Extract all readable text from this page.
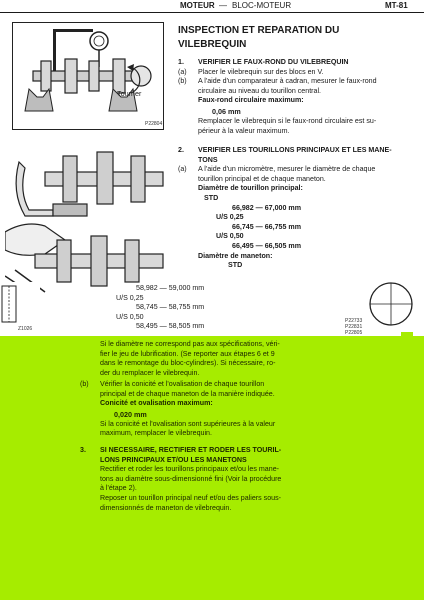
MOTEUR — BLOC-MOTEUR	MT-81
Tourner
P22804
Z1026
P22733
P22831
P22805
INSPECTION ET REPARATION DU
VILEBREQUIN
1. VERIFIER LE FAUX-ROND DU VILEBREQUIN
(a) Placer le vilebrequin sur des blocs en V.
(b) A l'aide d'un comparateur à cadran, mesurer le faux-rond
circulaire au niveau du tourillon central.
Faux-rond circulaire maximum:
0,06 mm
Remplacer le vilebrequin si le faux-rond circulaire est su-
périeur à la valeur maximum.
2. VERIFIER LES TOURILLONS PRINCIPAUX ET LES MANE-
TONS
(a) A l'aide d'un micromètre, mesurer le diamètre de chaque
tourillon principal et de chaque maneton.
Diamètre de tourillon principal:
STD
66,982 — 67,000 mm
U/S 0,25
66,745 — 66,755 mm
U/S 0,50
66,495 — 66,505 mm
Diamètre de maneton:
STD
58,982 — 59,000 mm
U/S 0,25
58,745 — 58,755 mm
U/S 0,50
58,495 — 58,505 mm
Si le diamètre ne correspond pas aux spécifications, véri-
fier le jeu de lubrification. (Se reporter aux étapes 6 et 9
dans le remontage du bloc-cylindres). Si nécessaire, ro-
der du remplacer le vilebrequin.
(b) Vérifier la conicité et l'ovalisation de chaque tourillon
principal et de chaque maneton de la manière indiquée.
Conicité et ovalisation maximum:
0,020 mm
Si la conicité et l'ovalisation sont supérieures à la valeur
maximum, remplacer le vilebrequin.
3. SI NECESSAIRE, RECTIFIER ET RODER LES TOURIL-
LONS PRINCIPAUX ET/OU LES MANETONS
Rectifier et roder les tourillons principaux et/ou les mane-
tons au diamètre sous-dimensionné fini (Voir la procédure
à l'étape 2).
Reposer un tourillon principal neuf et/ou des paliers sous-
dimensionnés de maneton de vilebrequin.
